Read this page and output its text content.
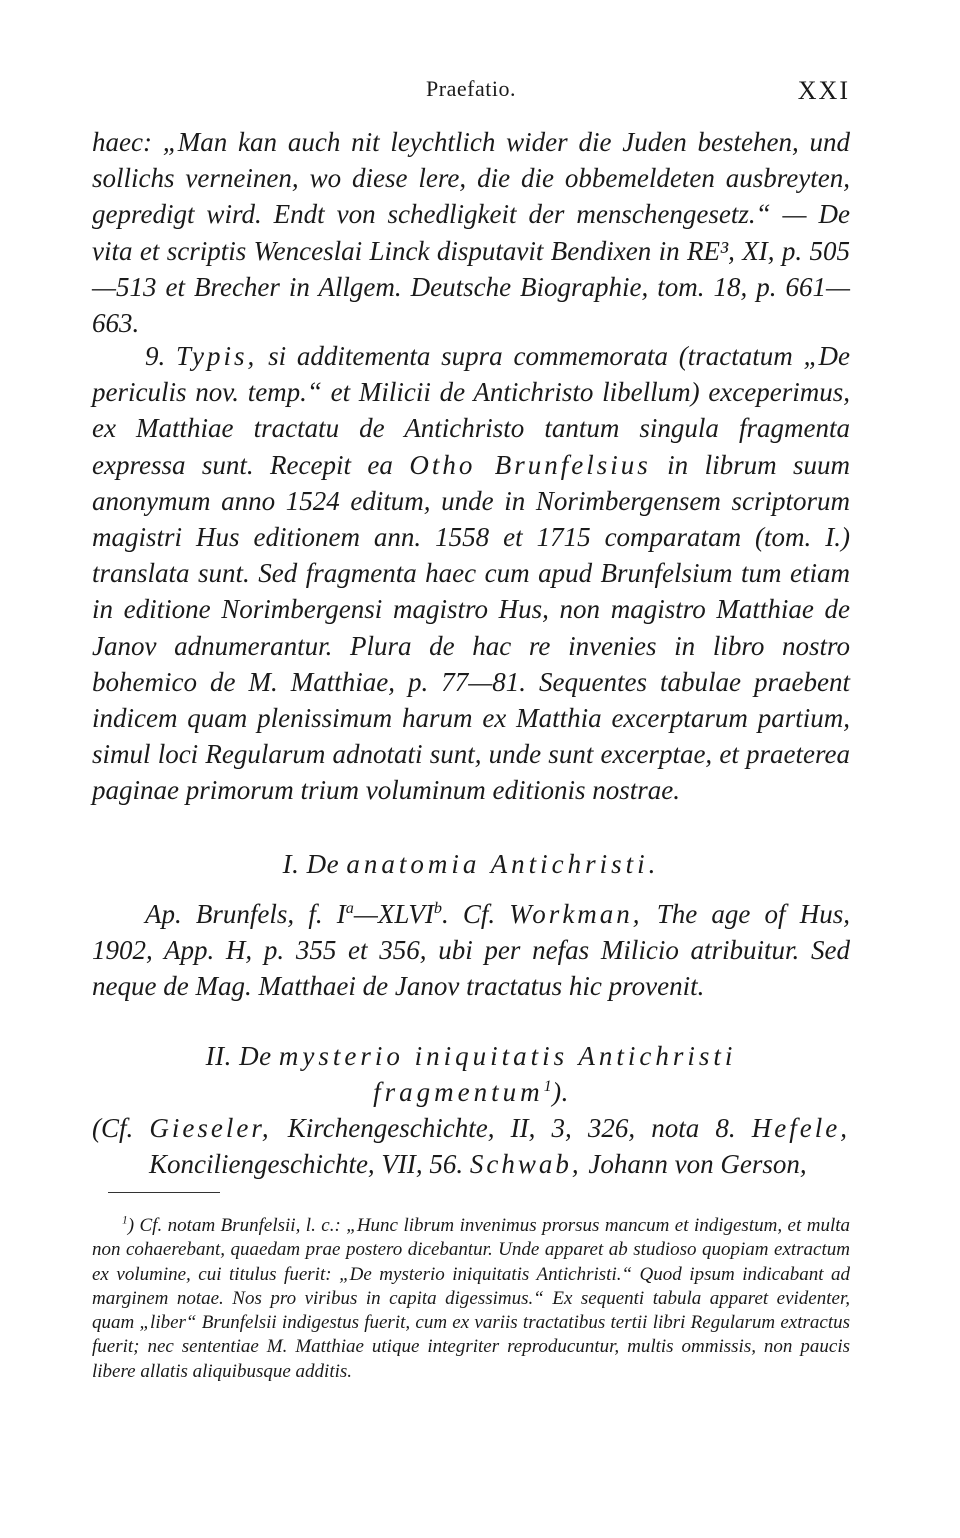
Praefatio.	XXI

haec: „Man kan auch nit leychtlich wider die Juden bestehen, und sollichs verneinen, wo diese lere, die die obbemeldeten ausbreyten, gepredigt wird. Endt von schedligkeit der menschengesetz.“ — De vita et scriptis Wenceslai Linck disputavit Bendixen in RE³, XI, p. 505—513 et Brecher in Allgem. Deutsche Biographie, tom. 18, p. 661—663.

9. Typis, si additementa supra commemorata (tractatum „De periculis nov. temp.“ et Milicii de Antichristo libellum) exceperimus, ex Matthiae tractatu de Antichristo tantum singula fragmenta expressa sunt. Recepit ea Otho Brunfelsius in librum suum anonymum anno 1524 editum, unde in Norimbergensem scriptorum magistri Hus editionem ann. 1558 et 1715 comparatam (tom. I.) translata sunt. Sed fragmenta haec cum apud Brunfelsium tum etiam in editione Norimbergensi magistro Hus, non magistro Matthiae de Janov adnumerantur. Plura de hac re invenies in libro nostro bohemico de M. Matthiae, p. 77—81. Sequentes tabulae praebent indicem quam plenissimum harum ex Matthia excerptarum partium, simul loci Regularum adnotati sunt, unde sunt excerptae, et praeterea paginae primorum trium voluminum editionis nostrae.

I. De anatomia Antichristi.

Ap. Brunfels, f. $I^a—XLVI^b$. Cf. Workman, The age of Hus, 1902, App. H, p. 355 et 356, ubi per nefas Milicio atribuitur. Sed neque de Mag. Matthaei de Janov tractatus hic provenit.

II. De mysterio iniquitatis Antichristi fragmentum$^1$).

(Cf. Gieseler, Kirchengeschichte, II, 3, 326, nota 8. Hefele, Konciliengeschichte, VII, 56. Schwab, Johann von Gerson,

$^1$) Cf. notam Brunfelsii, l. c.: „Hunc librum invenimus prorsus mancum et indigestum, et multa non cohaerebant, quaedam prae postero dicebantur. Unde apparet ab studioso quopiam extractum ex volumine, cui titulus fuerit: „De mysterio iniquitatis Antichristi.“ Quod ipsum indicabant ad marginem notae. Nos pro viribus in capita digessimus.“ Ex sequenti tabula apparet evidenter, quam „liber“ Brunfelsii indigestus fuerit, cum ex variis tractatibus tertii libri Regularum extractus fuerit; nec sententiae M. Matthiae utique integriter reproducuntur, multis ommissis, non paucis libere allatis aliquibusque additis.
